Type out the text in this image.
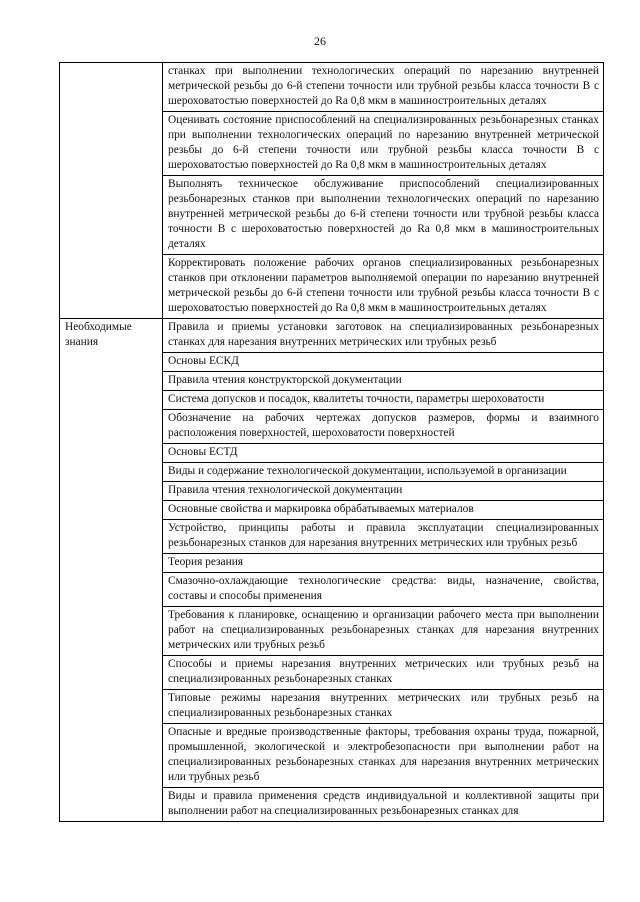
26
	станках при выполнении технологических операций по нарезанию внутренней метрической резьбы до 6-й степени точности или трубной резьбы класса точности В с шероховатостью поверхностей до Ra 0,8 мкм в машиностроительных деталях
	Оценивать состояние приспособлений на специализированных резьбонарезных станках при выполнении технологических операций по нарезанию внутренней метрической резьбы до 6-й степени точности или трубной резьбы класса точности В с шероховатостью поверхностей до Ra 0,8 мкм в машиностроительных деталях
	Выполнять техническое обслуживание приспособлений специализированных резьбонарезных станков при выполнении технологических операций по нарезанию внутренней метрической резьбы до 6-й степени точности или трубной резьбы класса точности В с шероховатостью поверхностей до Ra 0,8 мкм в машиностроительных деталях
	Корректировать положение рабочих органов специализированных резьбонарезных станков при отклонении параметров выполняемой операции по нарезанию внутренней метрической резьбы до 6-й степени точности или трубной резьбы класса точности В с шероховатостью поверхностей до Ra 0,8 мкм в машиностроительных деталях
Необходимые знания	Правила и приемы установки заготовок на специализированных резьбонарезных станках для нарезания внутренних метрических или трубных резьб
	Основы ЕСКД
	Правила чтения конструкторской документации
	Система допусков и посадок, квалитеты точности, параметры шероховатости
	Обозначение на рабочих чертежах допусков размеров, формы и взаимного расположения поверхностей, шероховатости поверхностей
	Основы ЕСТД
	Виды и содержание технологической документации, используемой в организации
	Правила чтения технологической документации
	Основные свойства и маркировка обрабатываемых материалов
	Устройство, принципы работы и правила эксплуатации специализированных резьбонарезных станков для нарезания внутренних метрических или трубных резьб
	Теория резания
	Смазочно-охлаждающие технологические средства: виды, назначение, свойства, составы и способы применения
	Требования к планировке, оснащению и организации рабочего места при выполнении работ на специализированных резьбонарезных станках для нарезания внутренних метрических или трубных резьб
	Способы и приемы нарезания внутренних метрических или трубных резьб на специализированных резьбонарезных станках
	Типовые режимы нарезания внутренних метрических или трубных резьб на специализированных резьбонарезных станках
	Опасные и вредные производственные факторы, требования охраны труда, пожарной, промышленной, экологической и электробезопасности при выполнении работ на специализированных резьбонарезных станках для нарезания внутренних метрических или трубных резьб
	Виды и правила применения средств индивидуальной и коллективной защиты при выполнении работ на специализированных резьбонарезных станках для
